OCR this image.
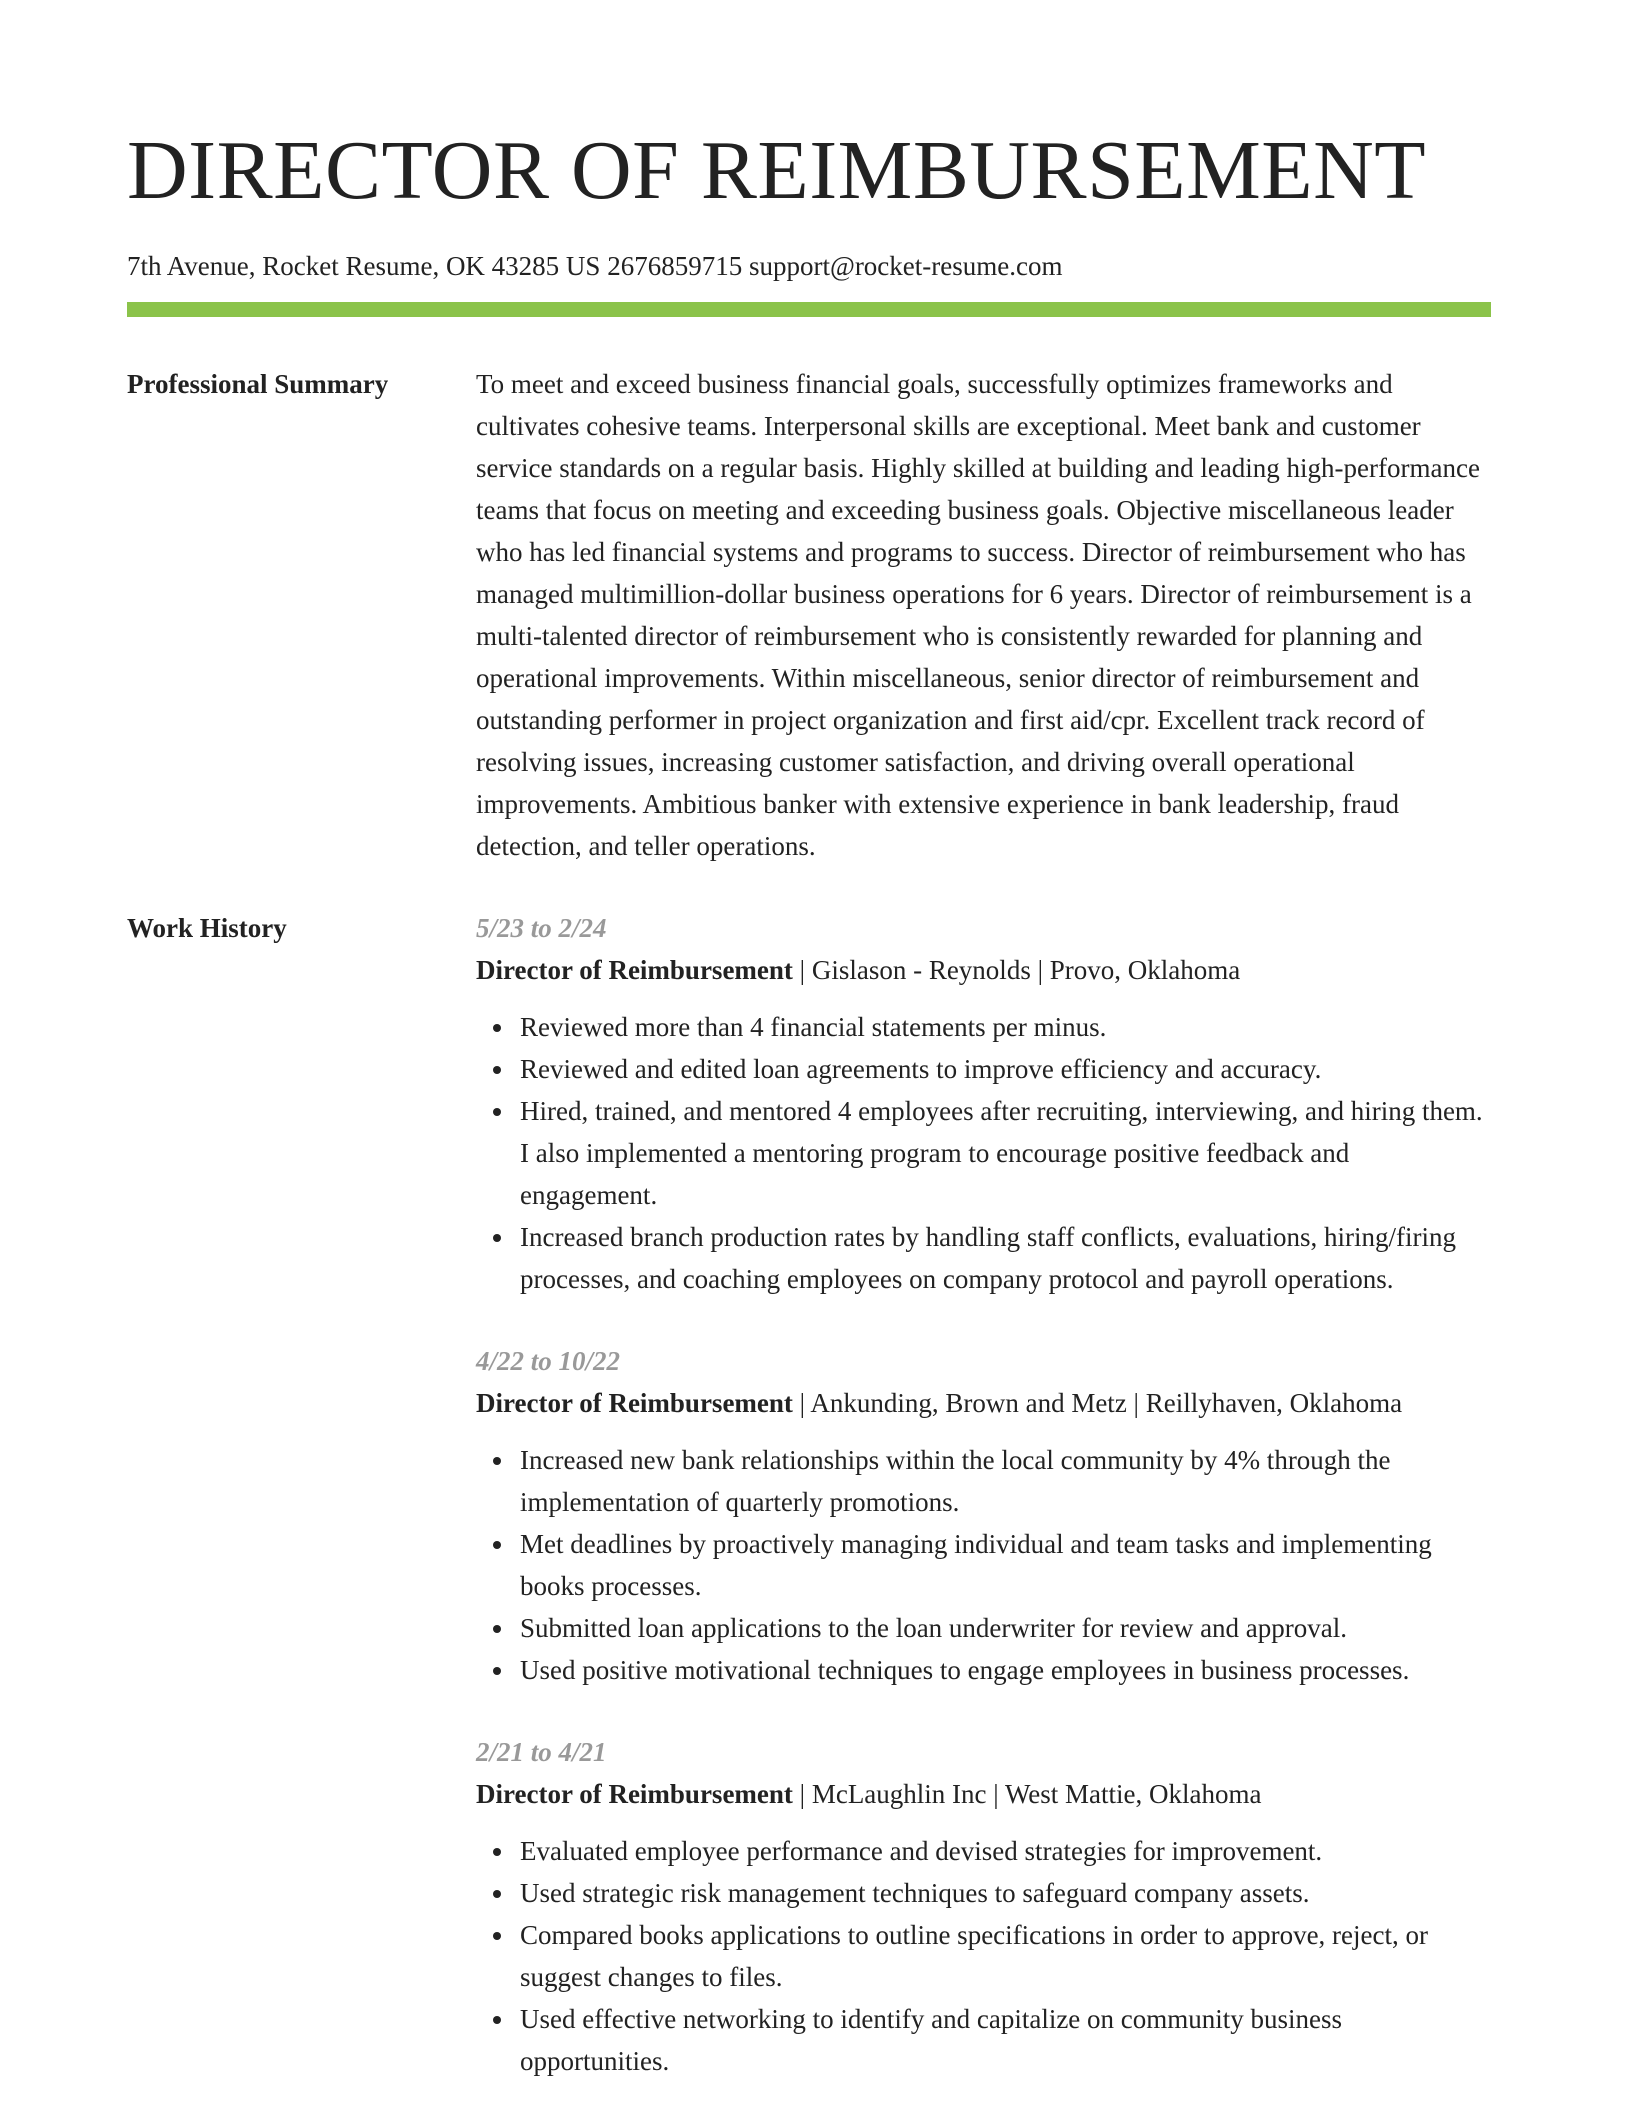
DIRECTOR OF REIMBURSEMENT
7th Avenue, Rocket Resume, OK 43285 US 2676859715 support@rocket-resume.com
Professional Summary	To meet and exceed business financial goals, successfully optimizes frameworks and cultivates cohesive teams. Interpersonal skills are exceptional. Meet bank and customer service standards on a regular basis. Highly skilled at building and leading high-performance teams that focus on meeting and exceeding business goals. Objective miscellaneous leader who has led financial systems and programs to success. Director of reimbursement who has managed multimillion-dollar business operations for 6 years. Director of reimbursement is a multi-talented director of reimbursement who is consistently rewarded for planning and operational improvements. Within miscellaneous, senior director of reimbursement and outstanding performer in project organization and first aid/cpr. Excellent track record of resolving issues, increasing customer satisfaction, and driving overall operational improvements. Ambitious banker with extensive experience in bank leadership, fraud detection, and teller operations.

Work History	5/23 to 2/24
Director of Reimbursement | Gislason - Reynolds | Provo, Oklahoma
Reviewed more than 4 financial statements per minus.
Reviewed and edited loan agreements to improve efficiency and accuracy.
Hired, trained, and mentored 4 employees after recruiting, interviewing, and hiring them. I also implemented a mentoring program to encourage positive feedback and engagement.
Increased branch production rates by handling staff conflicts, evaluations, hiring/firing processes, and coaching employees on company protocol and payroll operations.
4/22 to 10/22
Director of Reimbursement | Ankunding, Brown and Metz | Reillyhaven, Oklahoma
Increased new bank relationships within the local community by 4% through the implementation of quarterly promotions.
Met deadlines by proactively managing individual and team tasks and implementing books processes.
Submitted loan applications to the loan underwriter for review and approval.
Used positive motivational techniques to engage employees in business processes.
2/21 to 4/21
Director of Reimbursement | McLaughlin Inc | West Mattie, Oklahoma
Evaluated employee performance and devised strategies for improvement.
Used strategic risk management techniques to safeguard company assets.
Compared books applications to outline specifications in order to approve, reject, or suggest changes to files.
Used effective networking to identify and capitalize on community business opportunities.
